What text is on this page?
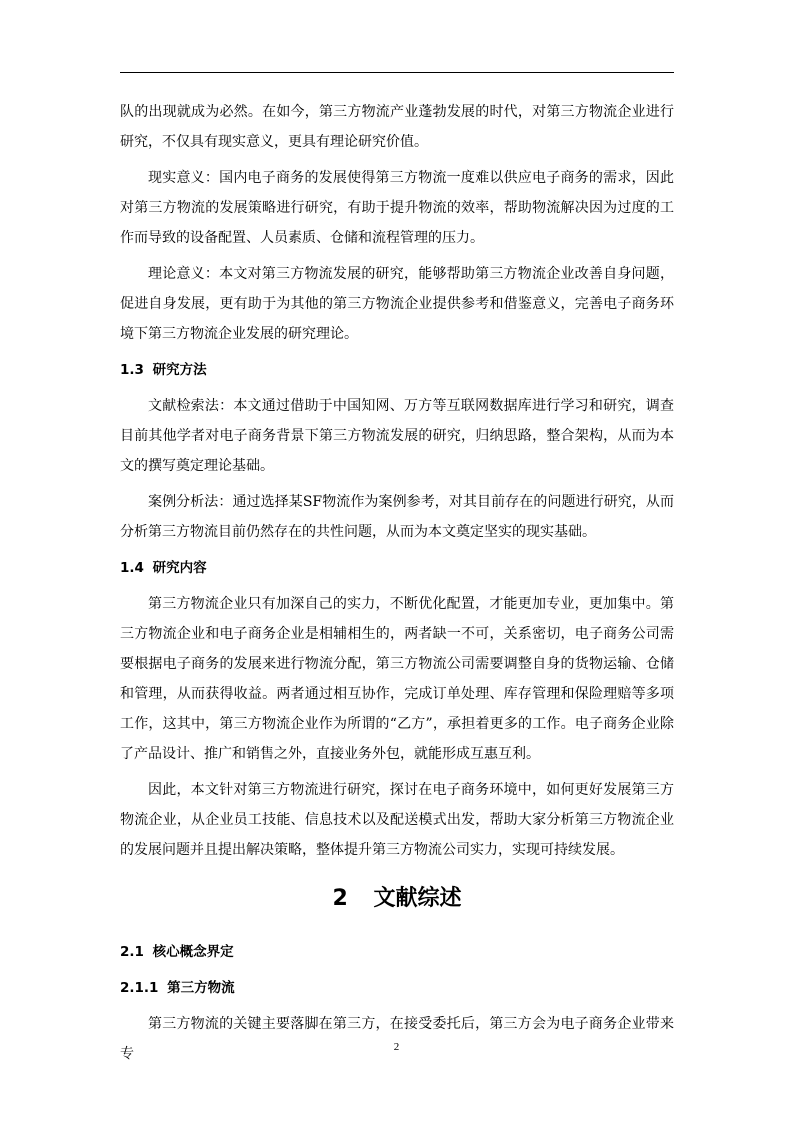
队的出现就成为必然。在如今，第三方物流产业蓬勃发展的时代，对第三方物流企业进行研究，不仅具有现实意义，更具有理论研究价值。

现实意义：国内电子商务的发展使得第三方物流一度难以供应电子商务的需求，因此对第三方物流的发展策略进行研究，有助于提升物流的效率，帮助物流解决因为过度的工作而导致的设备配置、人员素质、仓储和流程管理的压力。

理论意义：本文对第三方物流发展的研究，能够帮助第三方物流企业改善自身问题，促进自身发展，更有助于为其他的第三方物流企业提供参考和借鉴意义，完善电子商务环境下第三方物流企业发展的研究理论。

1.3 研究方法

文献检索法：本文通过借助于中国知网、万方等互联网数据库进行学习和研究，调查目前其他学者对电子商务背景下第三方物流发展的研究，归纳思路，整合架构，从而为本文的撰写奠定理论基础。

案例分析法：通过选择某SF物流作为案例参考，对其目前存在的问题进行研究，从而分析第三方物流目前仍然存在的共性问题，从而为本文奠定坚实的现实基础。

1.4 研究内容

第三方物流企业只有加深自己的实力，不断优化配置，才能更加专业，更加集中。第三方物流企业和电子商务企业是相辅相生的，两者缺一不可，关系密切，电子商务公司需要根据电子商务的发展来进行物流分配，第三方物流公司需要调整自身的货物运输、仓储和管理，从而获得收益。两者通过相互协作，完成订单处理、库存管理和保险理赔等多项工作，这其中，第三方物流企业作为所谓的“乙方”，承担着更多的工作。电子商务企业除了产品设计、推广和销售之外，直接业务外包，就能形成互惠互利。

因此，本文针对第三方物流进行研究，探讨在电子商务环境中，如何更好发展第三方物流企业，从企业员工技能、信息技术以及配送模式出发，帮助大家分析第三方物流企业的发展问题并且提出解决策略，整体提升第三方物流公司实力，实现可持续发展。

2 文献综述
2.1 核心概念界定
2.1.1 第三方物流

第三方物流的关键主要落脚在第三方，在接受委托后，第三方会为电子商务企业带来专	2
